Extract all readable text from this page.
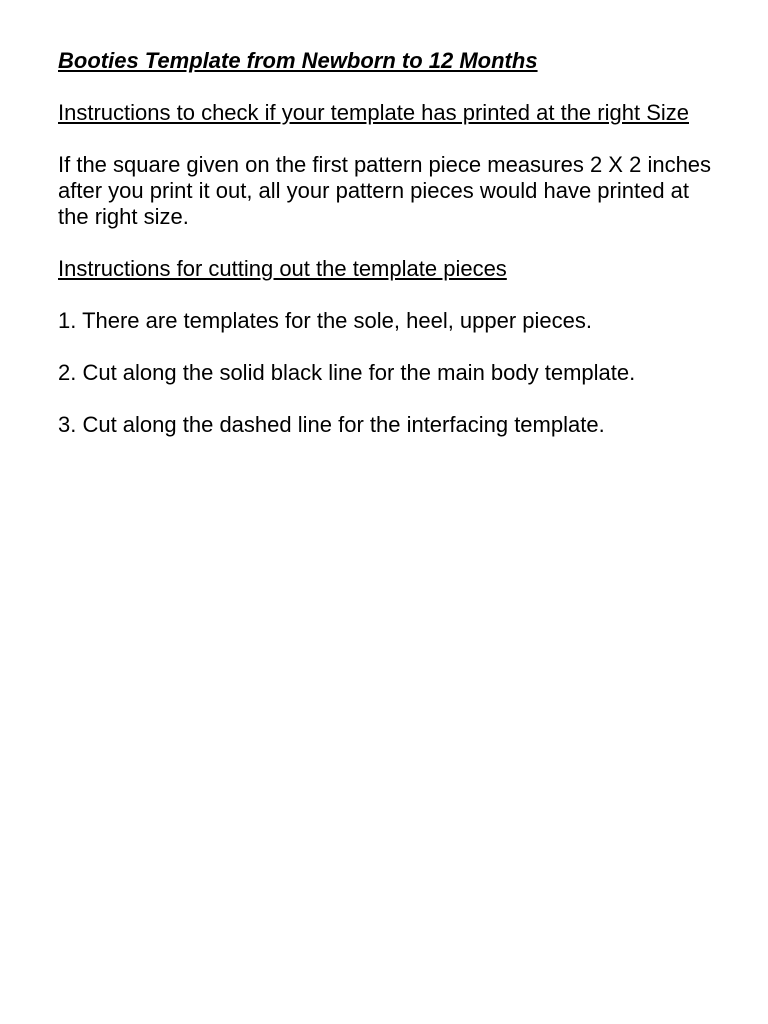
Booties Template from Newborn to 12 Months
Instructions to check if your template has printed at the right Size
If the square given on the first pattern piece measures 2 X 2 inches after you print it out, all your pattern pieces would have printed at the right size.
Instructions for cutting out the template pieces
1. There are templates for the sole, heel, upper pieces.
2. Cut along the solid black line for the main body template.
3. Cut along the dashed line for the interfacing template.
